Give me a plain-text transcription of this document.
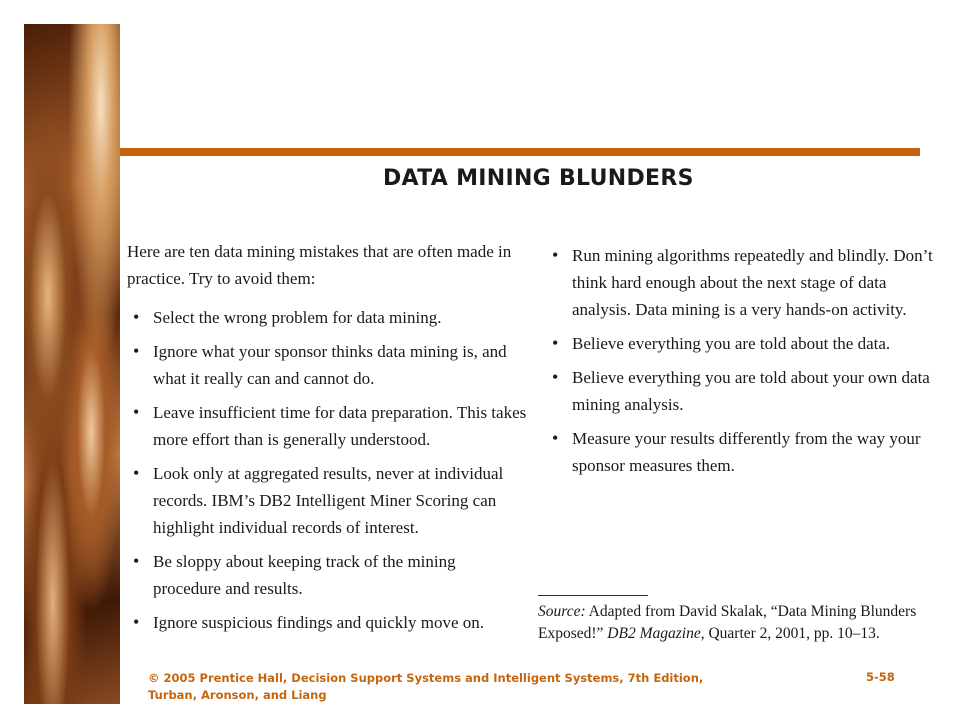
DATA MINING BLUNDERS

Here are ten data mining mistakes that are often made in practice. Try to avoid them:

• Select the wrong problem for data mining.
• Ignore what your sponsor thinks data mining is, and what it really can and cannot do.
• Leave insufficient time for data preparation. This takes more effort than is generally understood.
• Look only at aggregated results, never at individual records. IBM’s DB2 Intelligent Miner Scoring can highlight individual records of interest.
• Be sloppy about keeping track of the mining procedure and results.
• Ignore suspicious findings and quickly move on.
• Run mining algorithms repeatedly and blindly. Don’t think hard enough about the next stage of data analysis. Data mining is a very hands-on activity.
• Believe everything you are told about the data.
• Believe everything you are told about your own data mining analysis.
• Measure your results differently from the way your sponsor measures them.
Source: Adapted from David Skalak, “Data Mining Blunders Exposed!” DB2 Magazine, Quarter 2, 2001, pp. 10–13.
© 2005 Prentice Hall, Decision Support Systems and Intelligent Systems, 7th Edition, Turban, Aronson, and Liang
5-58
